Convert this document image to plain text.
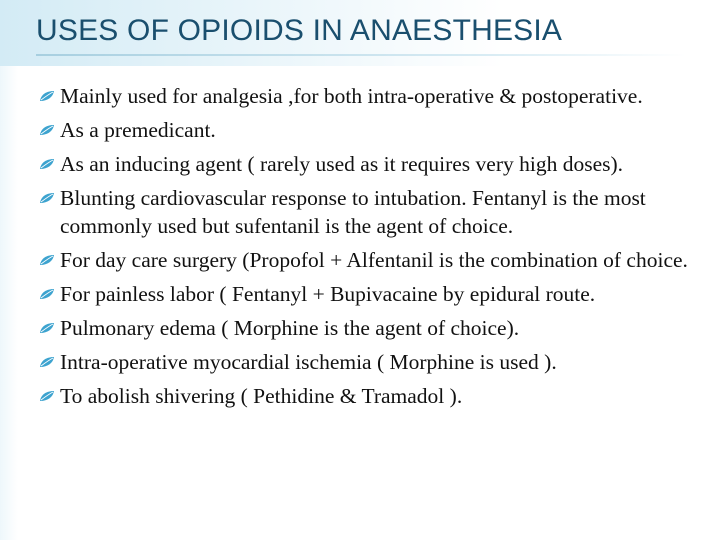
USES OF OPIOIDS IN ANAESTHESIA
Mainly used for analgesia ,for both intra-operative & postoperative.
As a premedicant.
As an inducing agent ( rarely used as it requires very high doses).
Blunting cardiovascular response to intubation. Fentanyl is the most commonly used but sufentanil is the agent of choice.
For day care surgery (Propofol + Alfentanil is the combination of choice.
For painless labor ( Fentanyl + Bupivacaine by epidural route.
Pulmonary edema ( Morphine is the agent of choice).
Intra-operative myocardial ischemia ( Morphine is used ).
To abolish shivering ( Pethidine & Tramadol ).
